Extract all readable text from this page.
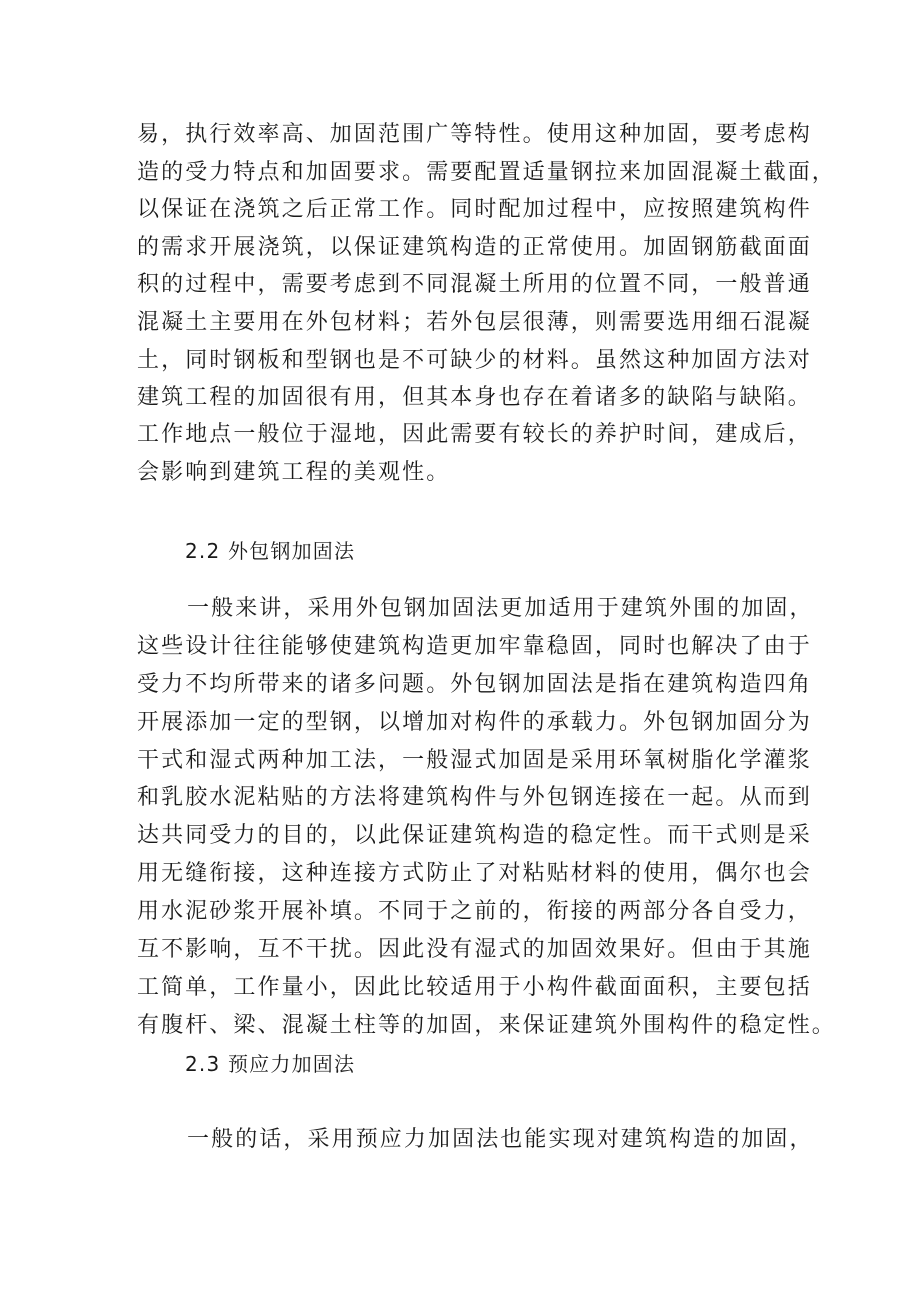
易，执行效率高、加固范围广等特性。使用这种加固，要考虑构
造的受力特点和加固要求。需要配置适量钢拉来加固混凝土截面，
以保证在浇筑之后正常工作。同时配加过程中，应按照建筑构件
的需求开展浇筑，以保证建筑构造的正常使用。加固钢筋截面面
积的过程中，需要考虑到不同混凝土所用的位置不同，一般普通
混凝土主要用在外包材料；若外包层很薄，则需要选用细石混凝
土，同时钢板和型钢也是不可缺少的材料。虽然这种加固方法对
建筑工程的加固很有用，但其本身也存在着诸多的缺陷与缺陷。
工作地点一般位于湿地，因此需要有较长的养护时间，建成后，
会影响到建筑工程的美观性。
2.2 外包钢加固法
一般来讲，采用外包钢加固法更加适用于建筑外围的加固，
这些设计往往能够使建筑构造更加牢靠稳固，同时也解决了由于
受力不均所带来的诸多问题。外包钢加固法是指在建筑构造四角
开展添加一定的型钢，以增加对构件的承载力。外包钢加固分为
干式和湿式两种加工法，一般湿式加固是采用环氧树脂化学灌浆
和乳胶水泥粘贴的方法将建筑构件与外包钢连接在一起。从而到
达共同受力的目的，以此保证建筑构造的稳定性。而干式则是采
用无缝衔接，这种连接方式防止了对粘贴材料的使用，偶尔也会
用水泥砂浆开展补填。不同于之前的，衔接的两部分各自受力，
互不影响，互不干扰。因此没有湿式的加固效果好。但由于其施
工简单，工作量小，因此比较适用于小构件截面面积，主要包括
有腹杆、梁、混凝土柱等的加固，来保证建筑外围构件的稳定性。
2.3 预应力加固法
一般的话，采用预应力加固法也能实现对建筑构造的加固，
